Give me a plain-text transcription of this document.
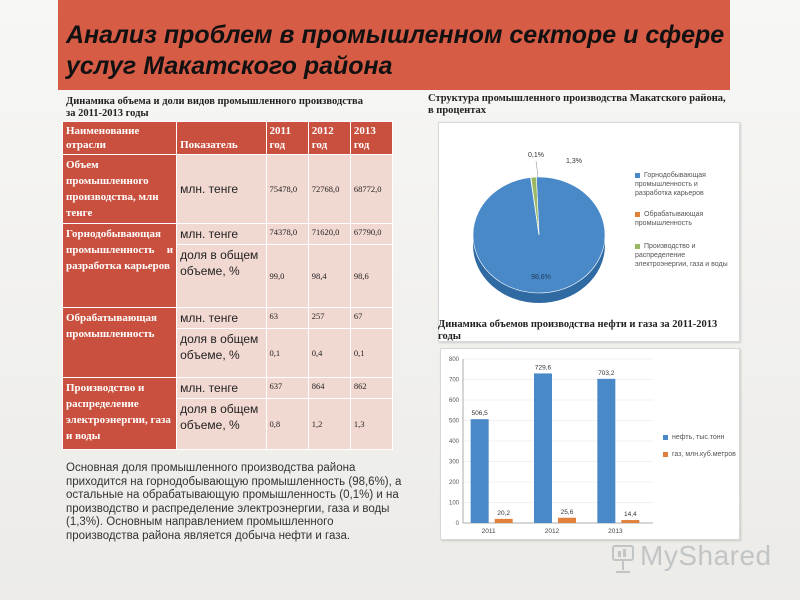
Анализ проблем в промышленном секторе и сфере услуг Макатского района
Динамика объема и доли видов промышленного производства за 2011-2013 годы
Наименование отрасли	Показатель	2011 год	2012 год	2013 год
Объем промышленного производства, млн тенге	млн. тенге	75478,0	72768,0	68772,0
Горнодобывающая промышленность и разработка карьеров	млн. тенге	74378,0	71620,0	67790,0
	доля в общем объеме, %	99,0	98,4	98,6
Обрабатывающая промышленность	млн. тенге	63	257	67
	доля в общем объеме, %	0,1	0,4	0,1
Производство и распределение электроэнергии, газа и воды	млн. тенге	637	864	862
	доля в общем объеме, %	0,8	1,2	1,3
Основная доля промышленного производства района приходится на горнодобывающую промышленность (98,6%), а остальные на обрабатывающую промышленность (0,1%) и на производство и распределение электроэнергии, газа и воды (1,3%). Основным направлением промышленного производства района является добыча нефти и газа.
Структура промышленного производства Макатского района, в процентах
98,6%
0,1%
1,3%
Горнодобывающая промышленность и разработка карьеров
Обрабатывающая промышленность
Производство и распределение электроэнергии, газа и воды
Динамика объемов производства нефти и газа за 2011-2013 годы
0
100
200
300
400
500
600
700
800
506,5
20,2
2011
729,6
25,6
2012
703,2
14,4
2013
нефть, тыс.тонн
газ, млн.куб.метров
MyShared
